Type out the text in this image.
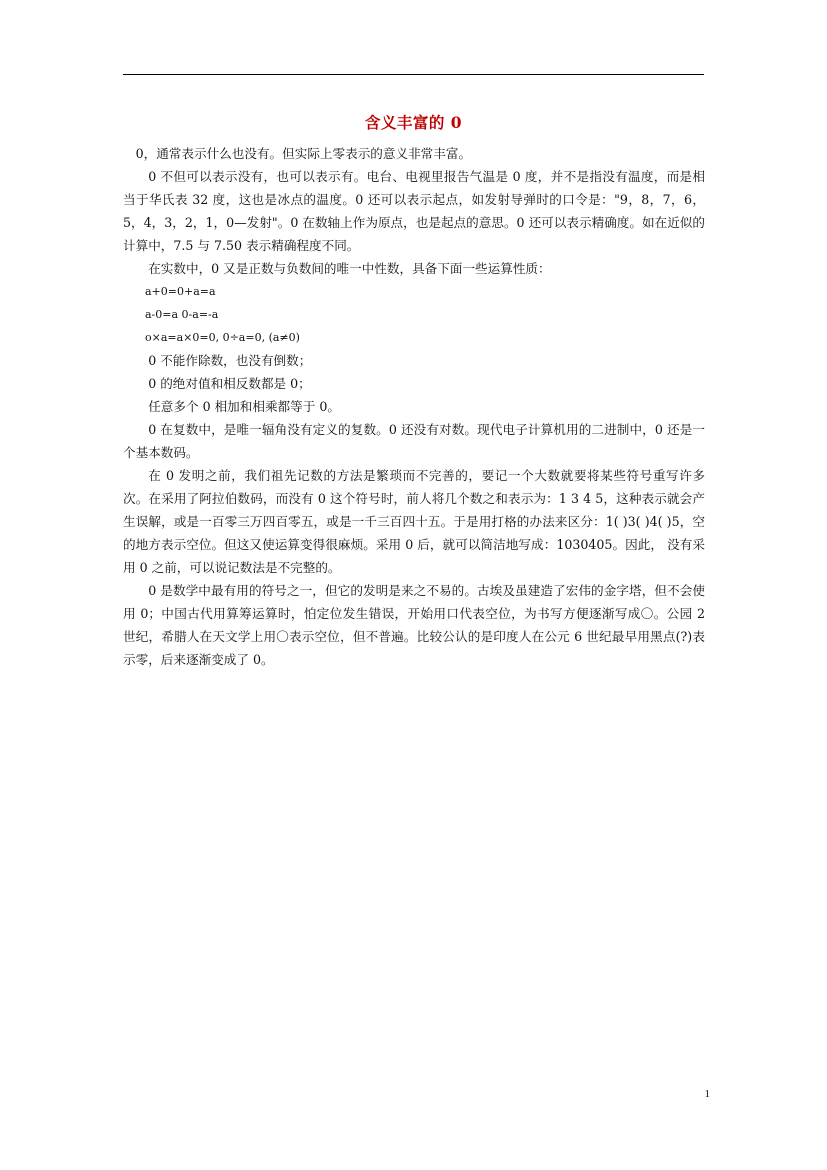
含义丰富的 0

0，通常表示什么也没有。但实际上零表示的意义非常丰富。

0 不但可以表示没有，也可以表示有。电台、电视里报告气温是 0 度，并不是指没有温度，而是相当于华氏表 32 度，这也是冰点的温度。0 还可以表示起点，如发射导弹时的口令是："9，8，7，6，5，4，3，2，1，0—发射"。0 在数轴上作为原点，也是起点的意思。0 还可以表示精确度。如在近似的计算中，7.5 与 7.50 表示精确程度不同。

在实数中，0 又是正数与负数间的唯一中性数，具备下面一些运算性质：

a+0=0+a=a

a-0=a 0-a=-a

o×a=a×0=0, 0÷a=0, (a≠0)

0 不能作除数，也没有倒数；

0 的绝对值和相反数都是 0；

任意多个 0 相加和相乘都等于 0。

0 在复数中，是唯一辐角没有定义的复数。0 还没有对数。现代电子计算机用的二进制中，0 还是一个基本数码。

在 0 发明之前，我们祖先记数的方法是繁琐而不完善的，要记一个大数就要将某些符号重写许多次。在采用了阿拉伯数码，而没有 0 这个符号时，前人将几个数之和表示为：1 3 4 5，这种表示就会产生误解，或是一百零三万四百零五，或是一千三百四十五。于是用打格的办法来区分：1( )3( )4( )5，空的地方表示空位。但这又使运算变得很麻烦。采用 0 后，就可以简洁地写成：1030405。因此， 没有采用 0 之前，可以说记数法是不完整的。

0 是数学中最有用的符号之一，但它的发明是来之不易的。古埃及虽建造了宏伟的金字塔，但不会使用 0；中国古代用算筹运算时，怕定位发生错误，开始用口代表空位，为书写方便逐渐写成〇。公园 2 世纪，希腊人在天文学上用〇表示空位，但不普遍。比较公认的是印度人在公元 6 世纪最早用黑点(?)表示零，后来逐渐变成了 0。

1
